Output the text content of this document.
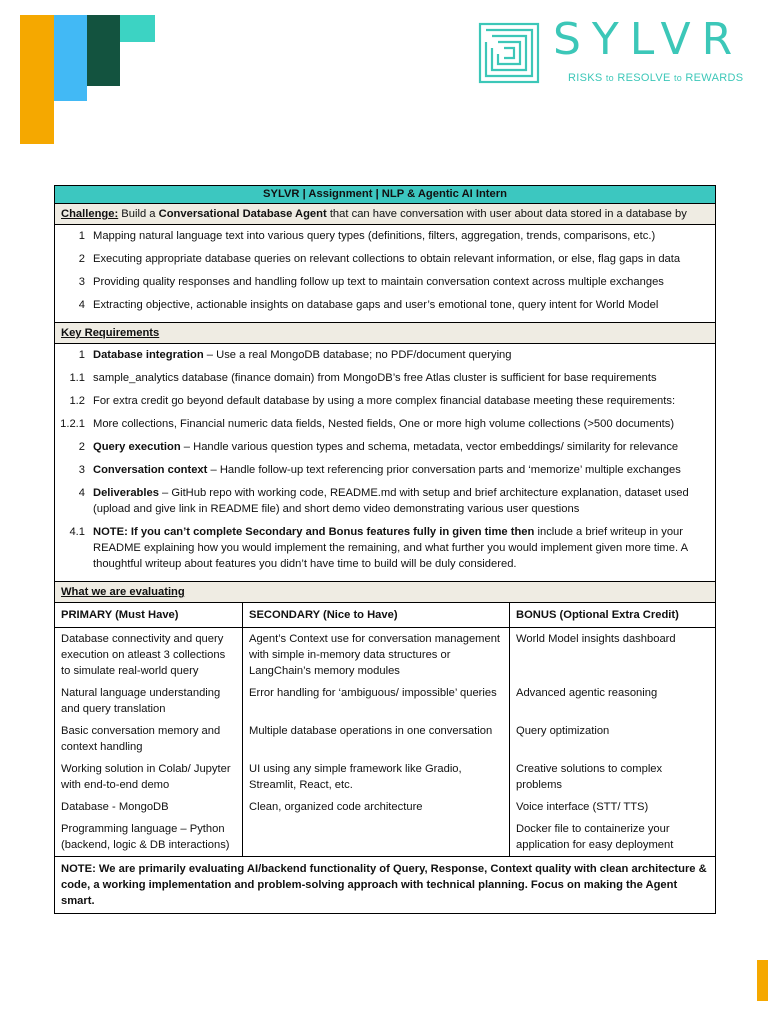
SYLVR
RISKS to RESOLVE to REWARDS
SYLVR | Assignment | NLP & Agentic AI Intern
Challenge: Build a Conversational Database Agent that can have conversation with user about data stored in a database by
1 Mapping natural language text into various query types (definitions, filters, aggregation, trends, comparisons, etc.)
2 Executing appropriate database queries on relevant collections to obtain relevant information, or else, flag gaps in data
3 Providing quality responses and handling follow up text to maintain conversation context across multiple exchanges
4 Extracting objective, actionable insights on database gaps and user’s emotional tone, query intent for World Model
Key Requirements
1 Database integration – Use a real MongoDB database; no PDF/document querying
1.1 sample_analytics database (finance domain) from MongoDB’s free Atlas cluster is sufficient for base requirements
1.2 For extra credit go beyond default database by using a more complex financial database meeting these requirements:
1.2.1 More collections, Financial numeric data fields, Nested fields, One or more high volume collections (>500 documents)
2 Query execution – Handle various question types and schema, metadata, vector embeddings/ similarity for relevance
3 Conversation context – Handle follow-up text referencing prior conversation parts and ‘memorize’ multiple exchanges
4 Deliverables – GitHub repo with working code, README.md with setup and brief architecture explanation, dataset used (upload and give link in README file) and short demo video demonstrating various user questions
4.1 NOTE: If you can’t complete Secondary and Bonus features fully in given time then include a brief writeup in your README explaining how you would implement the remaining, and what further you would implement given more time. A thoughtful writeup about features you didn’t have time to build will be duly considered.
What we are evaluating
PRIMARY (Must Have)	SECONDARY (Nice to Have)	BONUS (Optional Extra Credit)
Database connectivity and query execution on atleast 3 collections to simulate real-world query	Agent’s Context use for conversation management with simple in-memory data structures or LangChain’s memory modules	World Model insights dashboard
Natural language understanding and query translation	Error handling for ‘ambiguous/ impossible’ queries	Advanced agentic reasoning
Basic conversation memory and context handling	Multiple database operations in one conversation	Query optimization
Working solution in Colab/ Jupyter with end-to-end demo	UI using any simple framework like Gradio, Streamlit, React, etc.	Creative solutions to complex problems
Database - MongoDB	Clean, organized code architecture	Voice interface (STT/ TTS)
Programming language – Python (backend, logic & DB interactions)		Docker file to containerize your application for easy deployment
NOTE: We are primarily evaluating AI/backend functionality of Query, Response, Context quality with clean architecture & code, a working implementation and problem-solving approach with technical planning. Focus on making the Agent smart.
